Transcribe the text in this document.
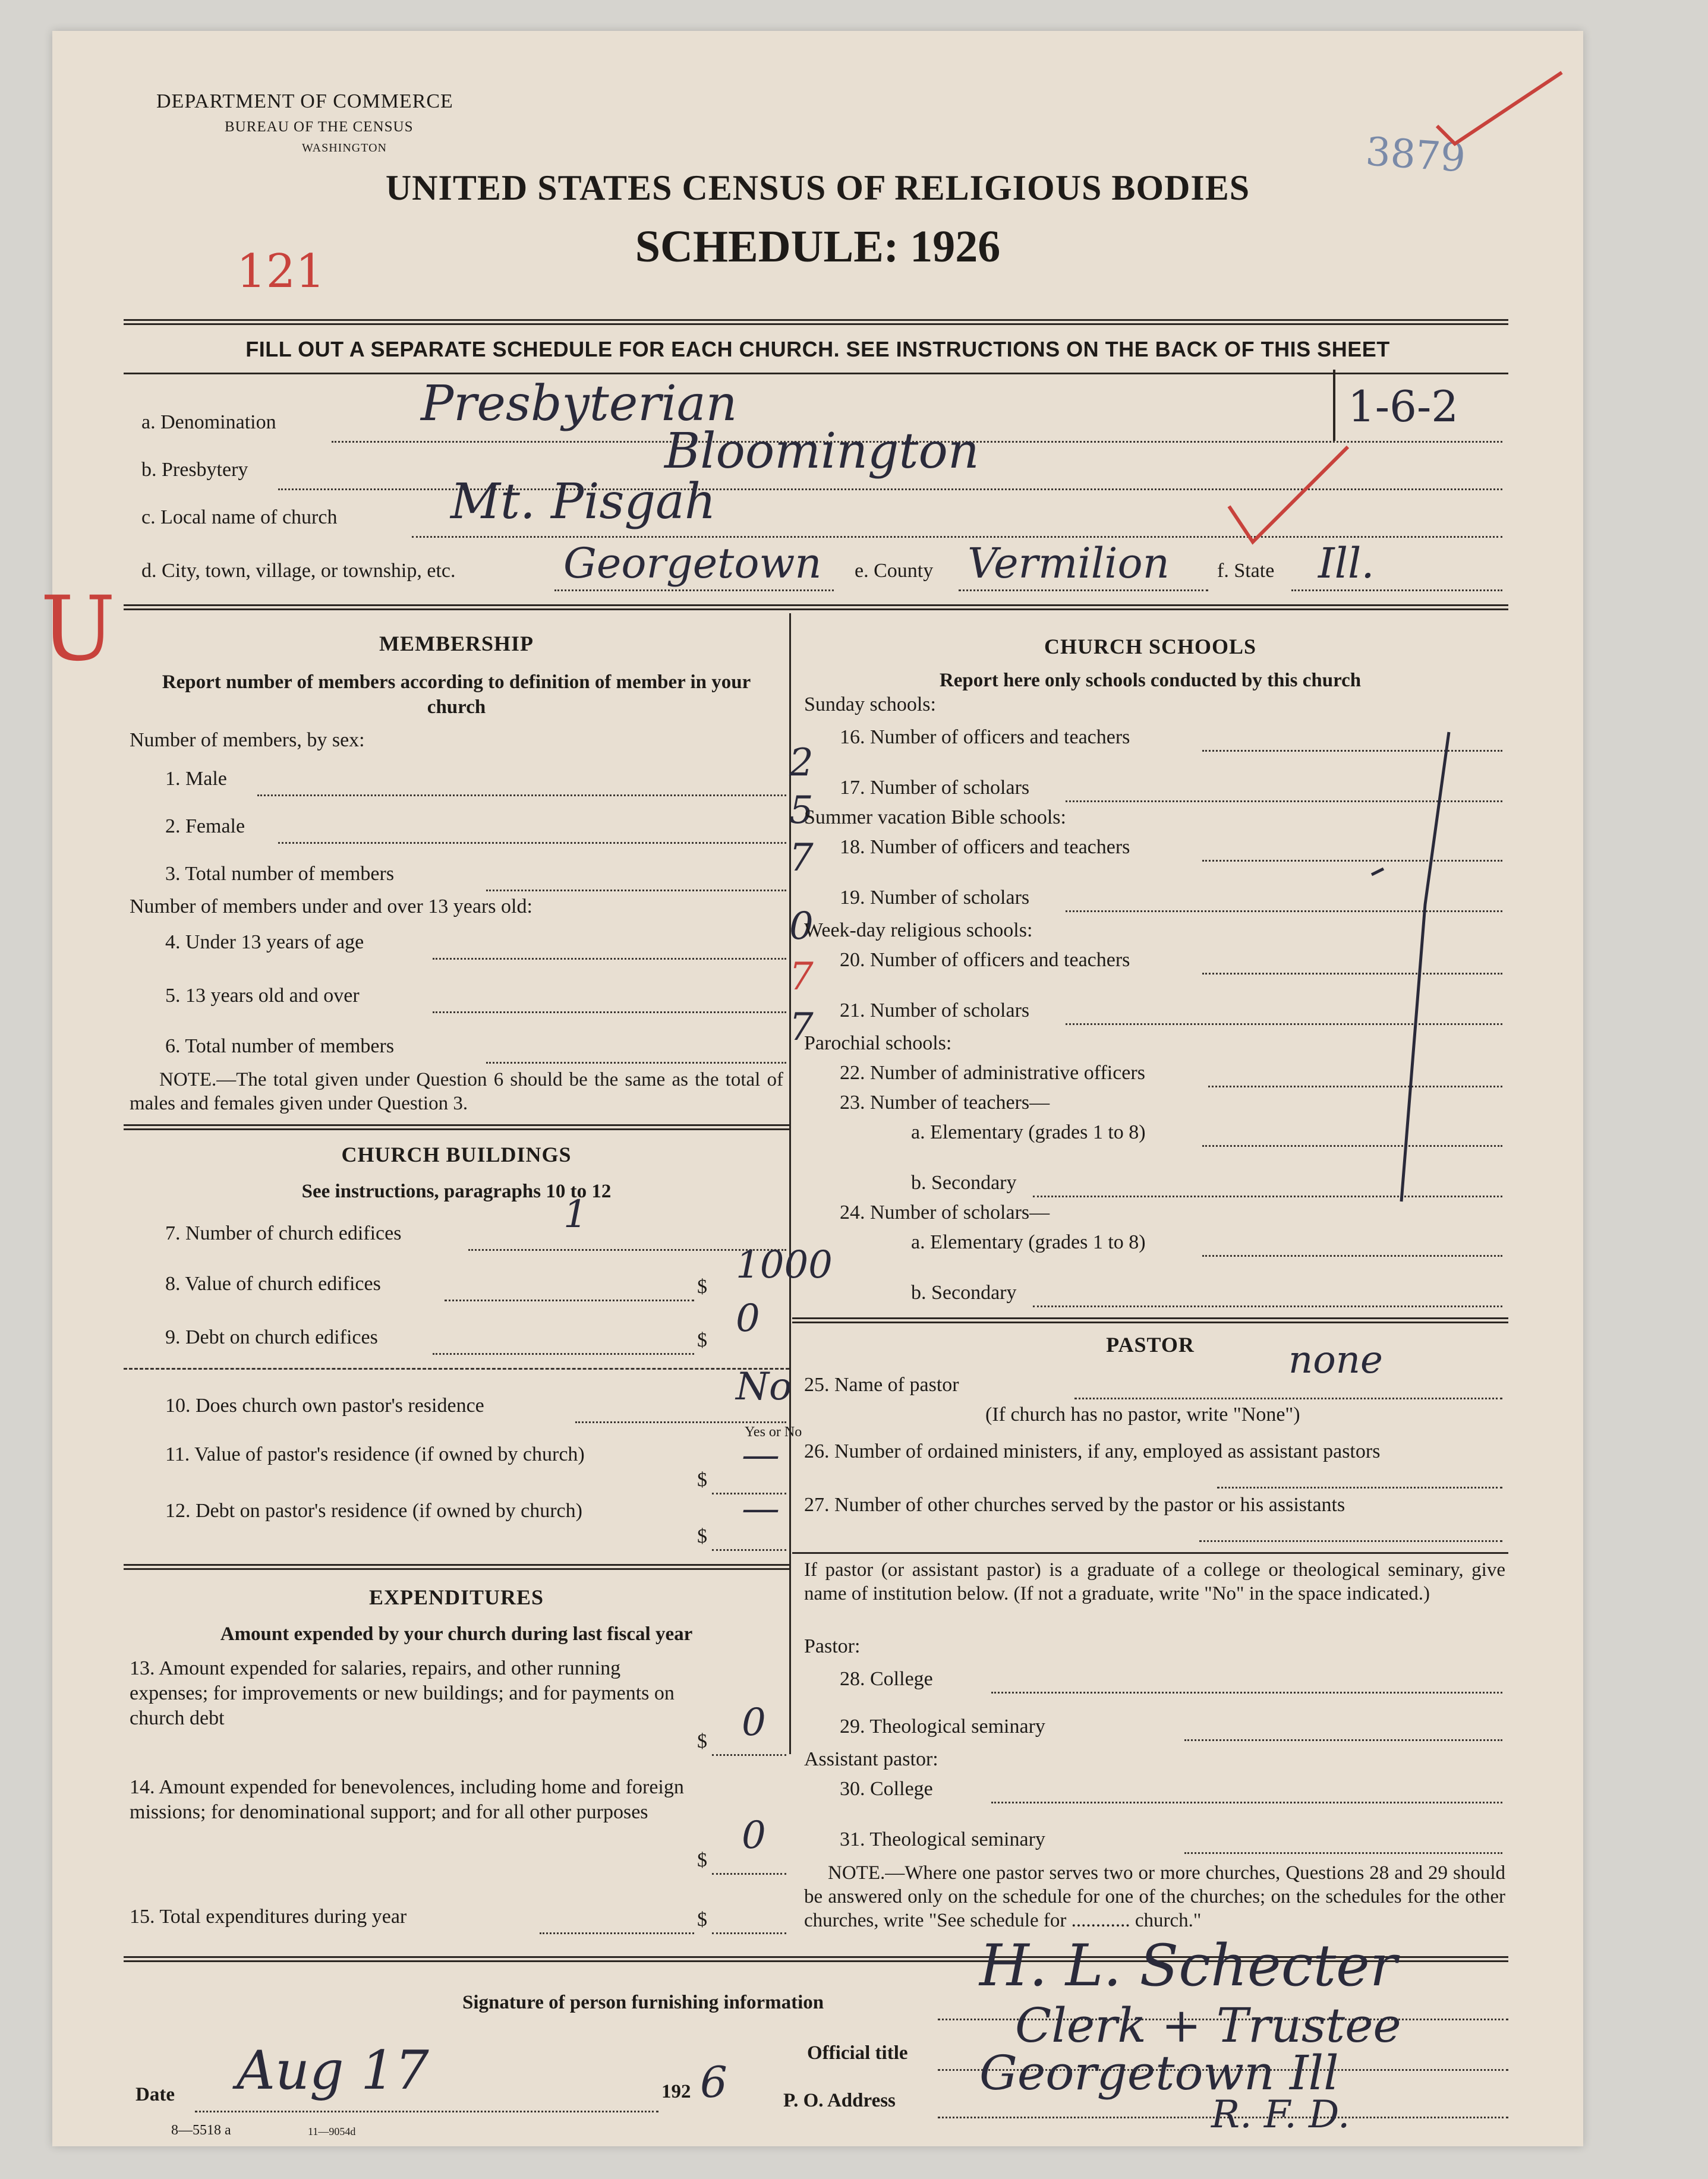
DEPARTMENT OF COMMERCE
BUREAU OF THE CENSUS
WASHINGTON	3879
UNITED STATES CENSUS OF RELIGIOUS BODIES
SCHEDULE: 1926
121
FILL OUT A SEPARATE SCHEDULE FOR EACH CHURCH. SEE INSTRUCTIONS ON THE BACK OF THIS SHEET
a. Denomination	Presbyterian	1-6-2
b. Presbytery	Bloomington
c. Local name of church Mt. Pisgah
d. City, town, village, or township, etc.	Georgetown e. County Vermilion f. State Ill.
U	MEMBERSHIP
Report number of members according to definition of member in your church
Number of members, by sex:
1. Male	2
2. Female	5
3. Total number of members	7
Number of members under and over 13 years old:
4. Under 13 years of age	0
5. 13 years old and over	7
6. Total number of members	7
NOTE.—The total given under Question 6 should be the same as the total of males and females given under Question 3.
CHURCH BUILDINGS
See instructions, paragraphs 10 to 12
7. Number of church edifices	1
8. Value of church edifices	$ 1000
9. Debt on church edifices	$ 0
10. Does church own pastor's residence	No
Yes or No
11. Value of pastor's residence (if owned by church)
$
—
12. Debt on pastor's residence (if owned by church)
$
—
EXPENDITURES
Amount expended by your church during last fiscal year
13. Amount expended for salaries, repairs, and other running expenses; for improvements or new buildings; and for payments on church debt
$ 0
14. Amount expended for benevolences, including home and foreign missions; for denominational support; and for all other purposes
$
0
15. Total expenditures during year	$
CHURCH SCHOOLS
Report here only schools conducted by this church
Sunday schools:
16. Number of officers and teachers
17. Number of scholars
Summer vacation Bible schools:
18. Number of officers and teachers
19. Number of scholars
Week-day religious schools:
20. Number of officers and teachers
21. Number of scholars
Parochial schools:
22. Number of administrative officers
23. Number of teachers—
a. Elementary (grades 1 to 8)
b. Secondary
24. Number of scholars—
a. Elementary (grades 1 to 8)
b. Secondary
PASTOR
25. Name of pastor
none
(If church has no pastor, write "None")
26. Number of ordained ministers, if any, employed as assistant pastors
27. Number of other churches served by the pastor or his assistants
If pastor (or assistant pastor) is a graduate of a college or theological seminary, give name of institution below. (If not a graduate, write "No" in the space indicated.)
Pastor:
28. College
29. Theological seminary
Assistant pastor:
30. College
31. Theological seminary
NOTE.—Where one pastor serves two or more churches, Questions 28 and 29 should be answered only on the schedule for one of the churches; on the schedules for the other churches, write "See schedule for ............ church."
Signature of person furnishing information
H. L. Schecter
Official title Clerk + Trustee
Date Aug 17	192 6	P. O. Address Georgetown Ill
R. F. D.
8—5518 a	11—9054d
